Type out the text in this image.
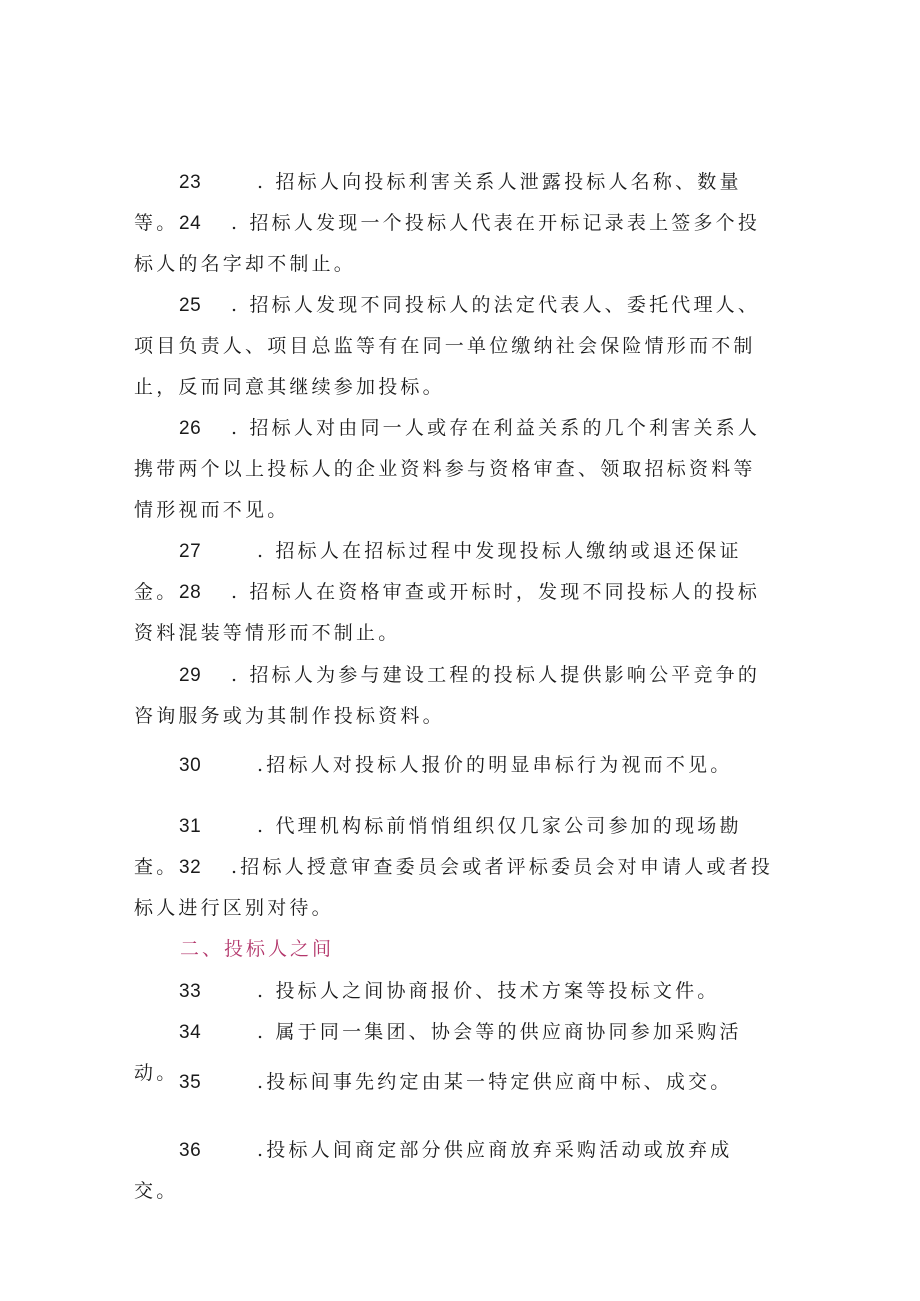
23	. 招标人向投标利害关系人泄露投标人名称、数量等。 24 . 招标人发现一个投标人代表在开标记录表上签多个投标人的名字却不制止。
25 . 招标人发现不同投标人的法定代表人、委托代理人、项目负责人、项目总监等有在同一单位缴纳社会保险情形而不制止，反而同意其继续参加投标。
26 . 招标人对由同一人或存在利益关系的几个利害关系人携带两个以上投标人的企业资料参与资格审查、领取招标资料等情形视而不见。
27	. 招标人在招标过程中发现投标人缴纳或退还保证金。 28 . 招标人在资格审查或开标时，发现不同投标人的投标资料混装等情形而不制止。
29 . 招标人为参与建设工程的投标人提供影响公平竞争的咨询服务或为其制作投标资料。
30	.招标人对投标人报价的明显串标行为视而不见。
31	. 代理机构标前悄悄组织仅几家公司参加的现场勘查。 32 .招标人授意审查委员会或者评标委员会对申请人或者投标人进行区别对待。
二、投标人之间
33	. 投标人之间协商报价、技术方案等投标文件。
34	. 属于同一集团、协会等的供应商协同参加采购活动。 35	.投标间事先约定由某一特定供应商中标、成交。
36	.投标人间商定部分供应商放弃采购活动或放弃成交。
